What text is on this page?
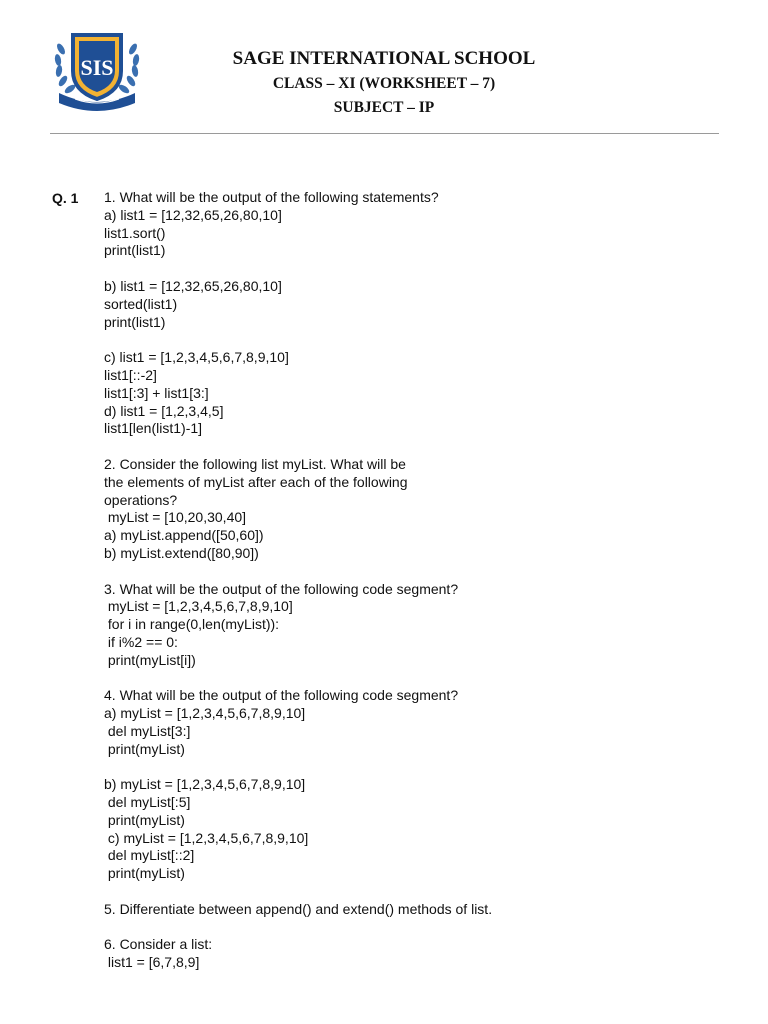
SIS	SAGE INTERNATIONAL SCHOOL
CLASS – XI (WORKSHEET – 7)
SUBJECT – IP
Q. 1 1. What will be the output of the following statements?
a) list1 = [12,32,65,26,80,10]
list1.sort()
print(list1)
b) list1 = [12,32,65,26,80,10]
sorted(list1)
print(list1)
c) list1 = [1,2,3,4,5,6,7,8,9,10]
list1[::-2]
list1[:3] + list1[3:]
d) list1 = [1,2,3,4,5]
list1[len(list1)-1]
2. Consider the following list myList. What will be
the elements of myList after each of the following
operations?
myList = [10,20,30,40]
a) myList.append([50,60])
b) myList.extend([80,90])
3. What will be the output of the following code segment?
myList = [1,2,3,4,5,6,7,8,9,10]
for i in range(0,len(myList)):
if i%2 == 0:
print(myList[i])
4. What will be the output of the following code segment?
a) myList = [1,2,3,4,5,6,7,8,9,10]
del myList[3:]
print(myList)
b) myList = [1,2,3,4,5,6,7,8,9,10]
del myList[:5]
print(myList)
c) myList = [1,2,3,4,5,6,7,8,9,10]
del myList[::2]
print(myList)
5. Differentiate between append() and extend() methods of list.
6. Consider a list:
list1 = [6,7,8,9]
